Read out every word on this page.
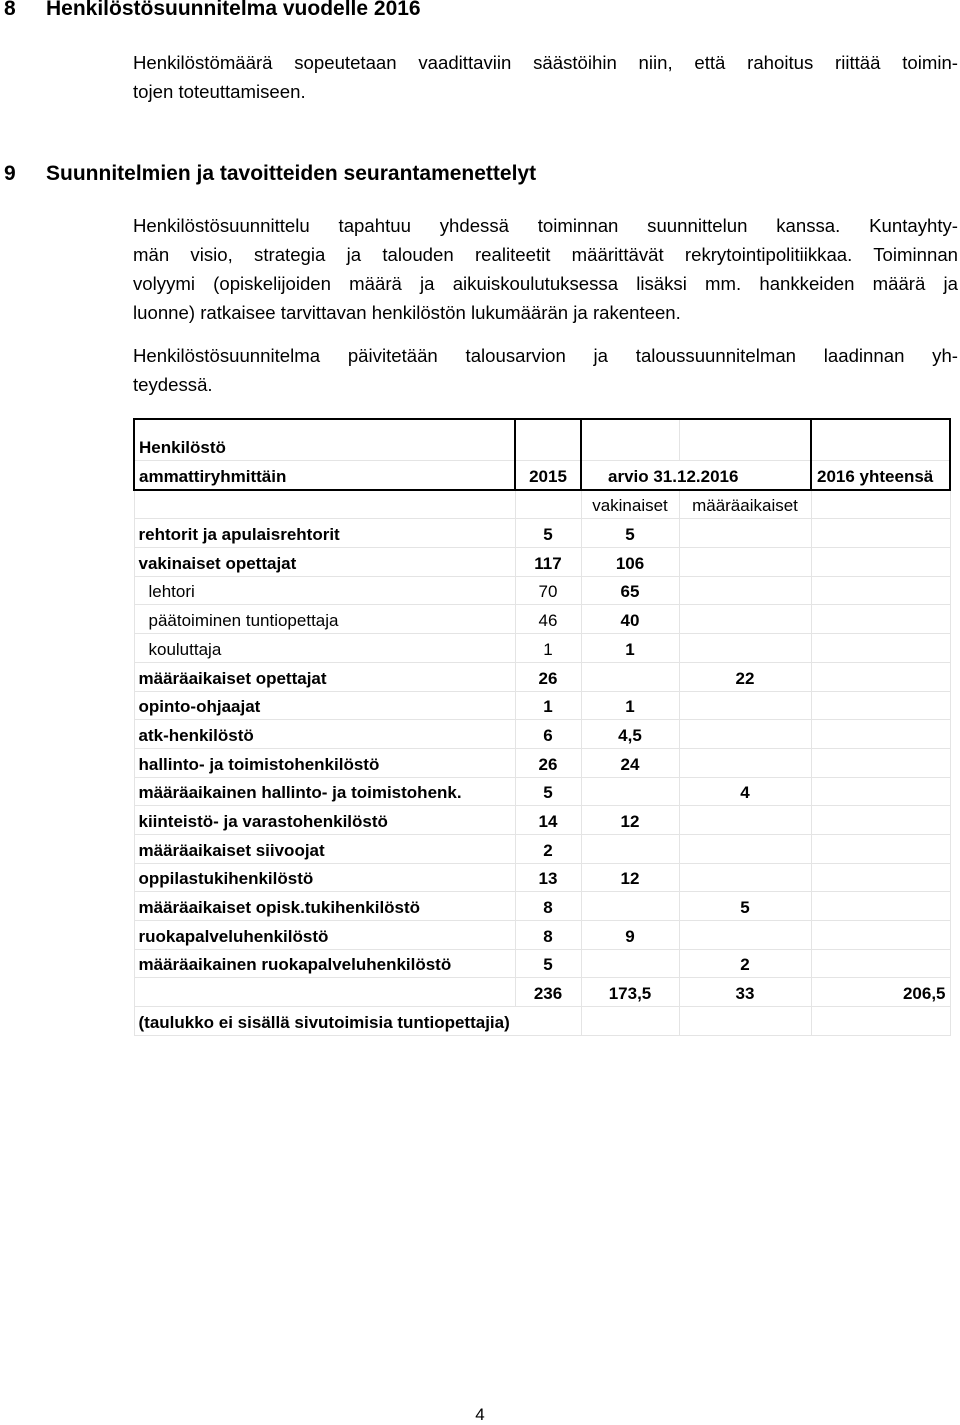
8 Henkilöstösuunnitelma vuodelle 2016
Henkilöstömäärä sopeutetaan vaadittaviin säästöihin niin, että rahoitus riittää toimin-
tojen toteuttamiseen.
9 Suunnitelmien ja tavoitteiden seurantamenettelyt
Henkilöstösuunnittelu tapahtuu yhdessä toiminnan suunnittelun kanssa. Kuntayhty-
män visio, strategia ja talouden realiteetit määrittävät rekrytointipolitiikkaa. Toiminnan
volyymi (opiskelijoiden määrä ja aikuiskoulutuksessa lisäksi mm. hankkeiden määrä ja
luonne) ratkaisee tarvittavan henkilöstön lukumäärän ja rakenteen.
Henkilöstösuunnitelma päivitetään talousarvion ja taloussuunnitelman laadinnan yh-
teydessä.
Henkilöstö				
ammattiryhmittäin	2015	arvio 31.12.2016		2016 yhteensä
		vakinaiset	määräaikaiset	
rehtorit ja apulaisrehtorit	5	5		
vakinaiset opettajat	117	106		
lehtori	70	65		
päätoiminen tuntiopettaja	46	40		
kouluttaja	1	1		
määräaikaiset opettajat	26		22	
opinto-ohjaajat	1	1		
atk-henkilöstö	6	4,5		
hallinto- ja toimistohenkilöstö	26	24		
määräaikainen hallinto- ja toimistohenk.	5		4	
kiinteistö- ja varastohenkilöstö	14	12		
määräaikaiset siivoojat	2			
oppilastukihenkilöstö	13	12		
määräaikaiset opisk.tukihenkilöstö	8		5	
ruokapalveluhenkilöstö	8	9		
määräaikainen ruokapalveluhenkilöstö	5		2	
	236	173,5	33	206,5
(taulukko ei sisällä sivutoimisia tuntiopettajia)				
4
